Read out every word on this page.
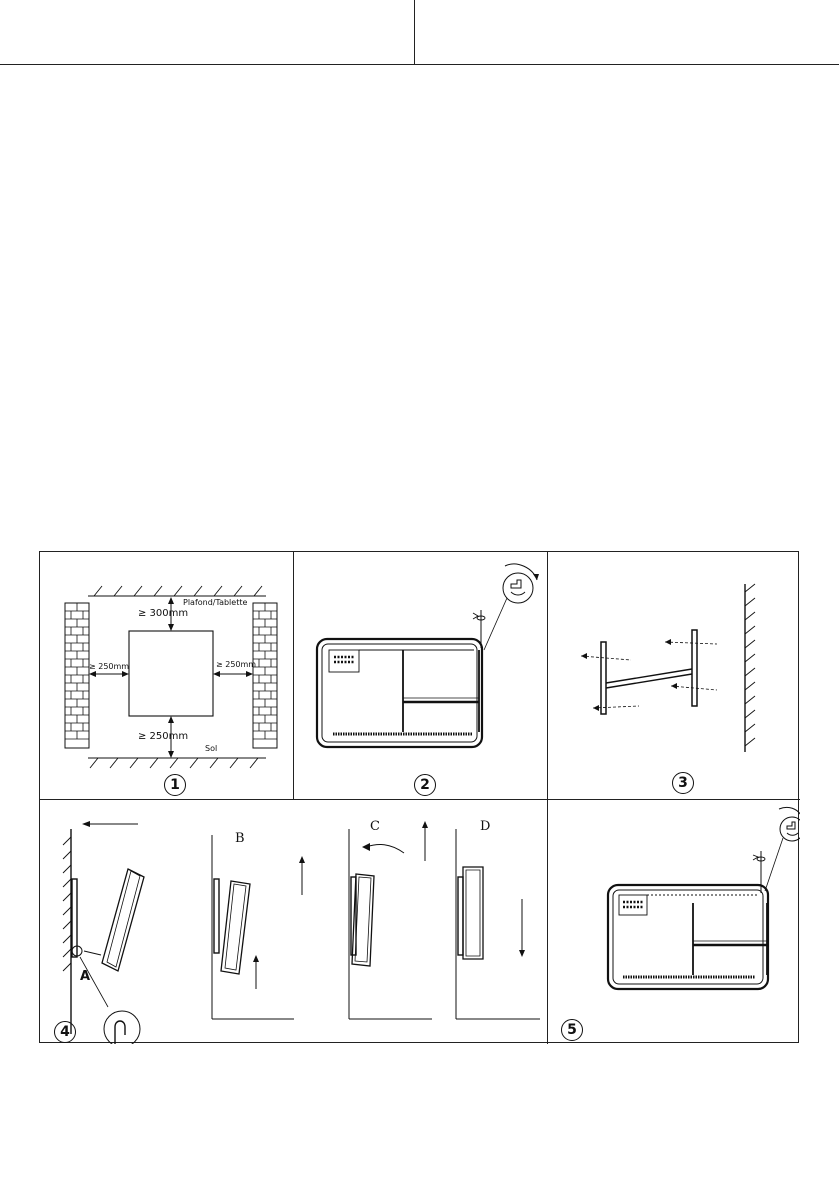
Plafond/Tablette
≥ 300mm
≥ 250mm	≥ 250mm
≥ 250mm
Sol
1	2	3
A
B
C	D
4	5
